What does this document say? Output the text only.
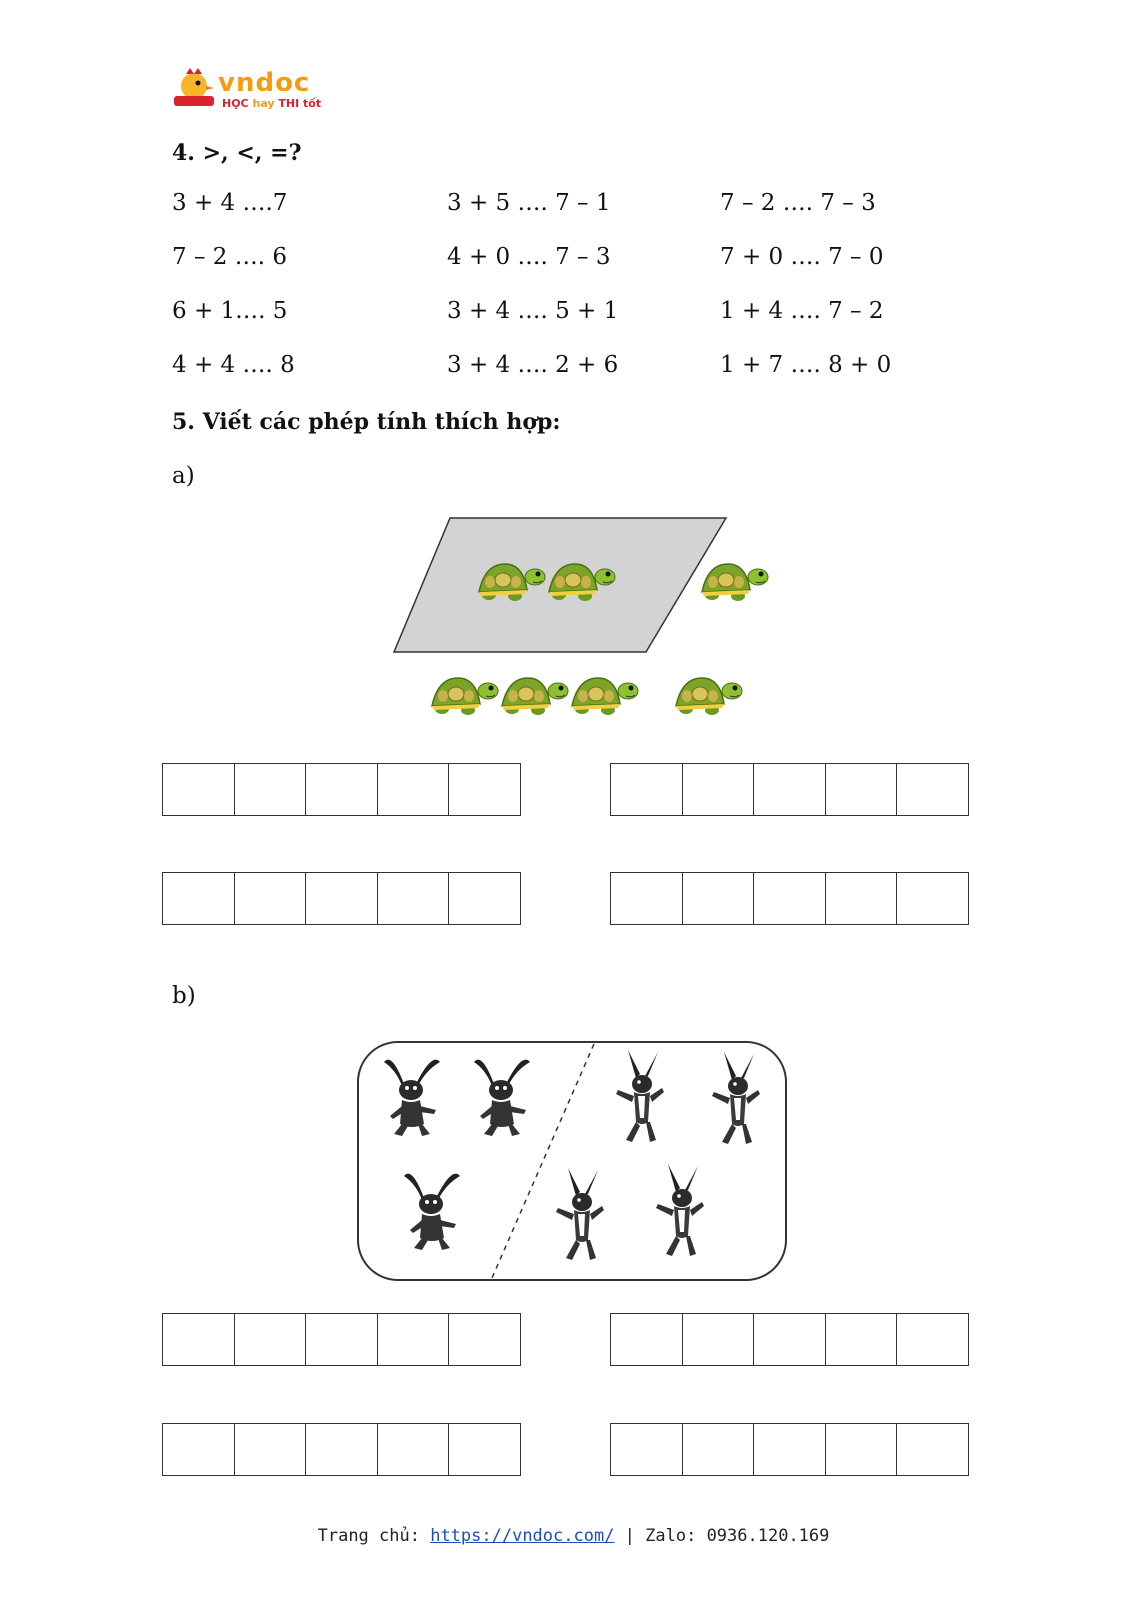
vndoc
HỌC hay THI tốt
4. >, <, =?
3 + 4 ….7	3 + 5 …. 7 – 1	7 – 2 …. 7 – 3
7 – 2 …. 6	4 + 0 …. 7 – 3	7 + 0 …. 7 – 0
6 + 1…. 5	3 + 4 …. 5 + 1	1 + 4 …. 7 – 2
4 + 4 …. 8	3 + 4 …. 2 + 6	1 + 7 …. 8 + 0
5. Viết các phép tính thích hợp:
a)
b)
Trang chủ: https://vndoc.com/ | Zalo: 0936.120.169
